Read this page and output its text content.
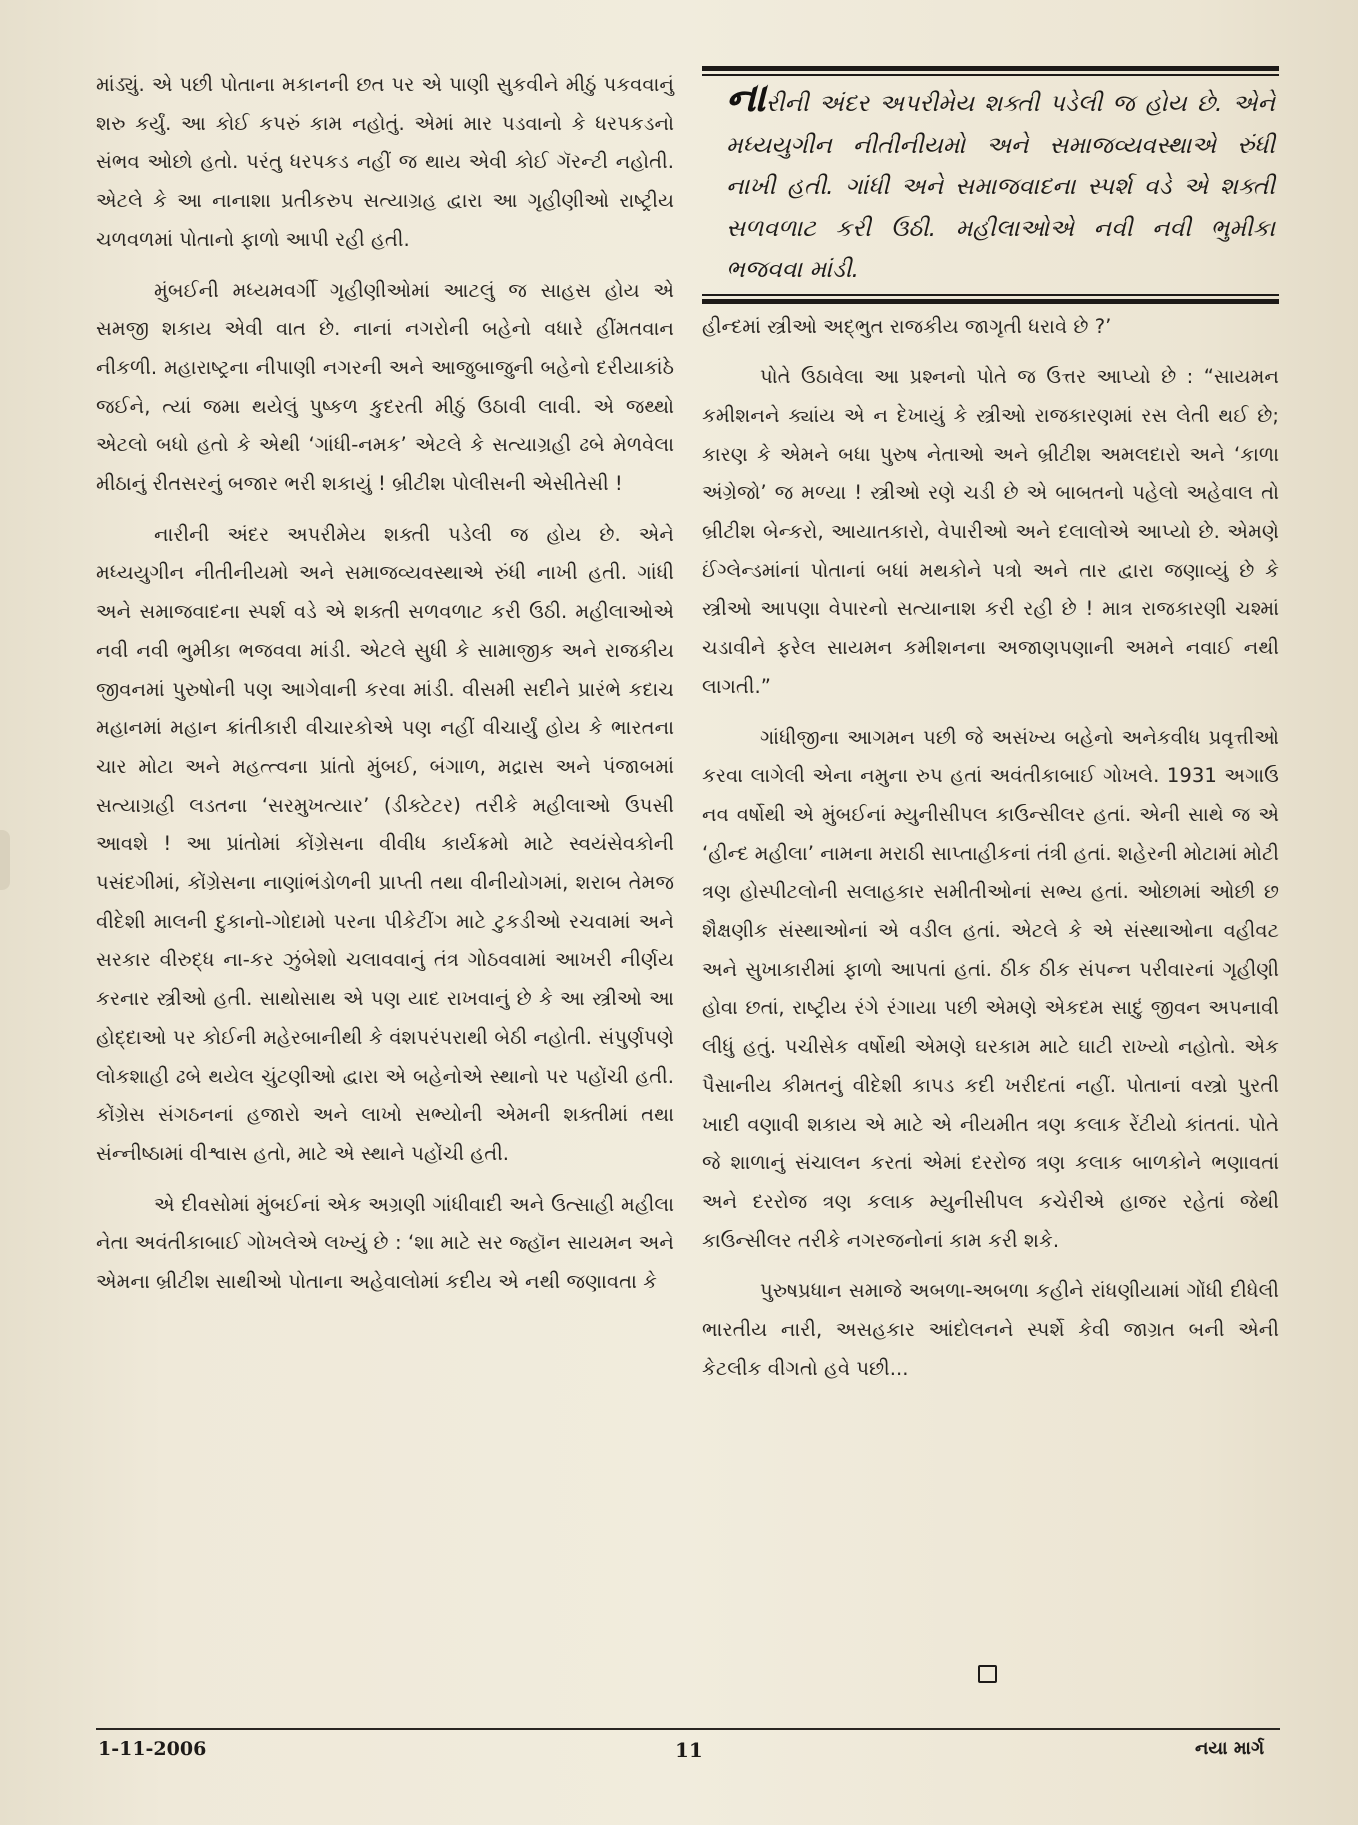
માંડ્યું. એ પછી પોતાના મકાનની છત પર એ પાણી સુકવીને મીઠું પકવવાનું શરુ કર્યું. આ કોઈ કપરું કામ નહોતું. એમાં માર પડવાનો કે ધરપકડનો સંભવ ઓછો હતો. પરંતુ ધરપકડ નહીં જ થાય એવી કોઈ ગૅરન્ટી નહોતી. એટલે કે આ નાનાશા પ્રતીકરુપ સત્યાગ્રહ દ્વારા આ ગૃહીણીઓ રાષ્ટ્રીય ચળવળમાં પોતાનો ફાળો આપી રહી હતી.

મુંબઈની મધ્યમવર્ગી ગૃહીણીઓમાં આટલું જ સાહસ હોય એ સમજી શકાય એવી વાત છે. નાનાં નગરોની બહેનો વધારે હીંમતવાન નીકળી. મહારાષ્ટ્રના નીપાણી નગરની અને આજુબાજુની બહેનો દરીયાકાંઠે જઈને, ત્યાં જમા થયેલું પુષ્કળ કુદરતી મીઠું ઉઠાવી લાવી. એ જથ્થો એટલો બધો હતો કે એથી ‘ગાંધી-નમક’ એટલે કે સત્યાગ્રહી ઢબે મેળવેલા મીઠાનું રીતસરનું બજાર ભરી શકાયું ! બ્રીટીશ પોલીસની એસીતેસી !

નારીની અંદર અપરીમેય શક્તી પડેલી જ હોય છે. એને મધ્યયુગીન નીતીનીયમો અને સમાજવ્યવસ્થાએ રુંધી નાખી હતી. ગાંધી અને સમાજવાદના સ્પર્શ વડે એ શક્તી સળવળાટ કરી ઉઠી. મહીલાઓએ નવી નવી ભુમીકા ભજવવા માંડી. એટલે સુધી કે સામાજીક અને રાજકીય જીવનમાં પુરુષોની પણ આગેવાની કરવા માંડી. વીસમી સદીને પ્રારંભે કદાચ મહાનમાં મહાન ક્રાંતીકારી વીચારકોએ પણ નહીં વીચાર્યું હોય કે ભારતના ચાર મોટા અને મહત્ત્વના પ્રાંતો મુંબઈ, બંગાળ, મદ્રાસ અને પંજાબમાં સત્યાગ્રહી લડતના ‘સરમુખત્યાર’ (ડીક્ટેટર) તરીકે મહીલાઓ ઉપસી આવશે ! આ પ્રાંતોમાં કોંગ્રેસના વીવીધ કાર્યક્રમો માટે સ્વયંસેવકોની પસંદગીમાં, કોંગ્રેસના નાણાંભંડોળની પ્રાપ્તી તથા વીનીયોગમાં, શરાબ તેમજ વીદેશી માલની દુકાનો-ગોદામો પરના પીકેટીંગ માટે ટુકડીઓ રચવામાં અને સરકાર વીરુદ્ધ ના-કર ઝુંબેશો ચલાવવાનું તંત્ર ગોઠવવામાં આખરી નીર્ણય કરનાર સ્ત્રીઓ હતી. સાથોસાથ એ પણ યાદ રાખવાનું છે કે આ સ્ત્રીઓ આ હોદ્દાઓ પર કોઈની મહેરબાનીથી કે વંશપરંપરાથી બેઠી નહોતી. સંપુર્ણપણે લોકશાહી ઢબે થયેલ ચુંટણીઓ દ્વારા એ બહેનોએ સ્થાનો પર પહોંચી હતી. કોંગ્રેસ સંગઠનનાં હજારો અને લાખો સભ્યોની એમની શક્તીમાં તથા સંન્નીષ્ઠામાં વીશ્વાસ હતો, માટે એ સ્થાને પહોંચી હતી.

એ દીવસોમાં મુંબઈનાં એક અગ્રણી ગાંધીવાદી અને ઉત્સાહી મહીલા નેતા અવંતીકાબાઈ ગોખલેએ લખ્યું છે : ‘શા માટે સર જ્હૉન સાયમન અને એમના બ્રીટીશ સાથીઓ પોતાના અહેવાલોમાં કદીય એ નથી જણાવતા કે

નારીની અંદર અપરીમેય શક્તી પડેલી જ હોય છે. એને મધ્યયુગીન નીતીનીયમો અને સમાજવ્યવસ્થાએ રુંધી નાખી હતી. ગાંધી અને સમાજવાદના સ્પર્શ વડે એ શક્તી સળવળાટ કરી ઉઠી. મહીલાઓએ નવી નવી ભુમીકા ભજવવા માંડી.

હીન્દમાં સ્ત્રીઓ અદ્ભુત રાજકીય જાગૃતી ધરાવે છે ?’

પોતે ઉઠાવેલા આ પ્રશ્નનો પોતે જ ઉત્તર આપ્યો છે : “સાયમન કમીશનને ક્યાંય એ ન દેખાયું કે સ્ત્રીઓ રાજકારણમાં રસ લેતી થઈ છે; કારણ કે એમને બધા પુરુષ નેતાઓ અને બ્રીટીશ અમલદારો અને ‘કાળા અંગ્રેજો’ જ મળ્યા ! સ્ત્રીઓ રણે ચડી છે એ બાબતનો પહેલો અહેવાલ તો બ્રીટીશ બેન્કરો, આયાતકારો, વેપારીઓ અને દલાલોએ આપ્યો છે. એમણે ઈંગ્લેન્ડમાંનાં પોતાનાં બધાં મથકોને પત્રો અને તાર દ્વારા જણાવ્યું છે કે સ્ત્રીઓ આપણા વેપારનો સત્યાનાશ કરી રહી છે ! માત્ર રાજકારણી ચશ્માં ચડાવીને ફરેલ સાયમન કમીશનના અજાણપણાની અમને નવાઈ નથી લાગતી.”

ગાંધીજીના આગમન પછી જે અસંખ્ય બહેનો અનેકવીધ પ્રવૃત્તીઓ કરવા લાગેલી એના નમુના રુપ હતાં અવંતીકાબાઈ ગોખલે. 1931 અગાઉ નવ વર્ષોથી એ મુંબઈનાં મ્યુનીસીપલ કાઉન્સીલર હતાં. એની સાથે જ એ ‘હીન્દ મહીલા’ નામના મરાઠી સાપ્તાહીકનાં તંત્રી હતાં. શહેરની મોટામાં મોટી ત્રણ હોસ્પીટલોની સલાહકાર સમીતીઓનાં સભ્ય હતાં. ઓછામાં ઓછી છ શૈક્ષણીક સંસ્થાઓનાં એ વડીલ હતાં. એટલે કે એ સંસ્થાઓના વહીવટ અને સુખાકારીમાં ફાળો આપતાં હતાં. ઠીક ઠીક સંપન્ન પરીવારનાં ગૃહીણી હોવા છતાં, રાષ્ટ્રીય રંગે રંગાયા પછી એમણે એકદમ સાદું જીવન અપનાવી લીધું હતું. પચીસેક વર્ષોથી એમણે ઘરકામ માટે ઘાટી રાખ્યો નહોતો. એક પૈસાનીય કીમતનું વીદેશી કાપડ કદી ખરીદતાં નહીં. પોતાનાં વસ્ત્રો પુરતી ખાદી વણાવી શકાય એ માટે એ નીયમીત ત્રણ કલાક રેંટીયો કાંતતાં. પોતે જે શાળાનું સંચાલન કરતાં એમાં દરરોજ ત્રણ કલાક બાળકોને ભણાવતાં અને દરરોજ ત્રણ કલાક મ્યુનીસીપલ કચેરીએ હાજર રહેતાં જેથી કાઉન્સીલર તરીકે નગરજનોનાં કામ કરી શકે.

પુરુષપ્રધાન સમાજે અબળા-અબળા કહીને રાંધણીયામાં ગોંધી દીધેલી ભારતીય નારી, અસહકાર આંદોલનને સ્પર્શે કેવી જાગ્રત બની એની કેટલીક વીગતો હવે પછી...

1-11-2006	11	નયા માર્ગ
